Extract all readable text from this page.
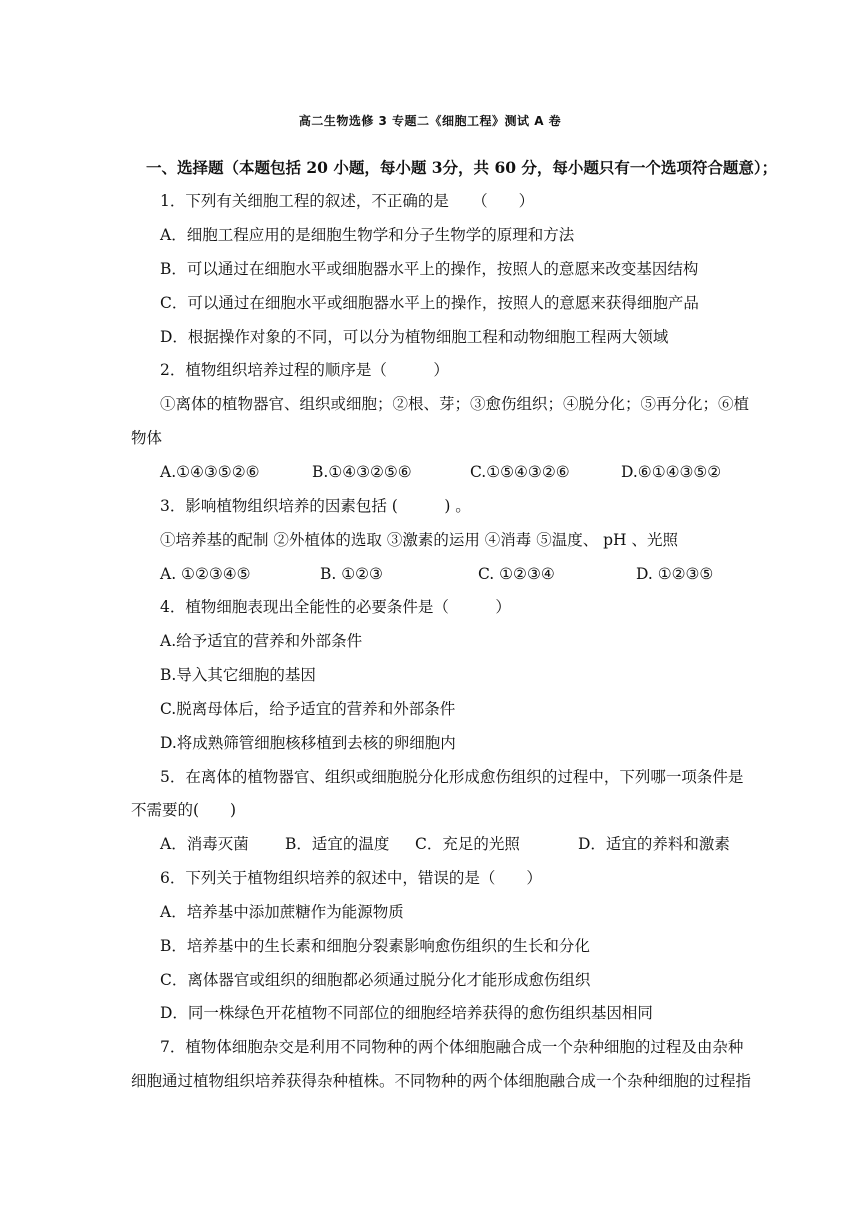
高二生物选修 3 专题二《细胞工程》测试 A 卷
一、选择题（本题包括 20 小题，每小题 3分，共 60 分，每小题只有一个选项符合题意）；
1．下列有关细胞工程的叙述，不正确的是　　（　　）
A．细胞工程应用的是细胞生物学和分子生物学的原理和方法
B．可以通过在细胞水平或细胞器水平上的操作，按照人的意愿来改变基因结构
C．可以通过在细胞水平或细胞器水平上的操作，按照人的意愿来获得细胞产品
D．根据操作对象的不同，可以分为植物细胞工程和动物细胞工程两大领域
2．植物组织培养过程的顺序是（　　　）
①离体的植物器官、组织或细胞；②根、芽；③愈伤组织；④脱分化；⑤再分化；⑥植
物体
A.①④③⑤②⑥	B.①④③②⑤⑥	C.①⑤④③②⑥	D.⑥①④③⑤②
3．影响植物组织培养的因素包括 (　　　) 。
①培养基的配制 ②外植体的选取 ③激素的运用 ④消毒 ⑤温度、 pH 、光照
A. ①②③④⑤	B. ①②③	C. ①②③④	D. ①②③⑤
4．植物细胞表现出全能性的必要条件是（　　　）
A.给予适宜的营养和外部条件
B.导入其它细胞的基因
C.脱离母体后，给予适宜的营养和外部条件
D.将成熟筛管细胞核移植到去核的卵细胞内
5．在离体的植物器官、组织或细胞脱分化形成愈伤组织的过程中，下列哪一项条件是
不需要的(　　)
A．消毒灭菌 B．适宜的温度 C．充足的光照	D．适宜的养料和激素
6．下列关于植物组织培养的叙述中，错误的是（　　）
A．培养基中添加蔗糖作为能源物质
B．培养基中的生长素和细胞分裂素影响愈伤组织的生长和分化
C．离体器官或组织的细胞都必须通过脱分化才能形成愈伤组织
D．同一株绿色开花植物不同部位的细胞经培养获得的愈伤组织基因相同
7．植物体细胞杂交是利用不同物种的两个体细胞融合成一个杂种细胞的过程及由杂种
细胞通过植物组织培养获得杂种植株。不同物种的两个体细胞融合成一个杂种细胞的过程指
